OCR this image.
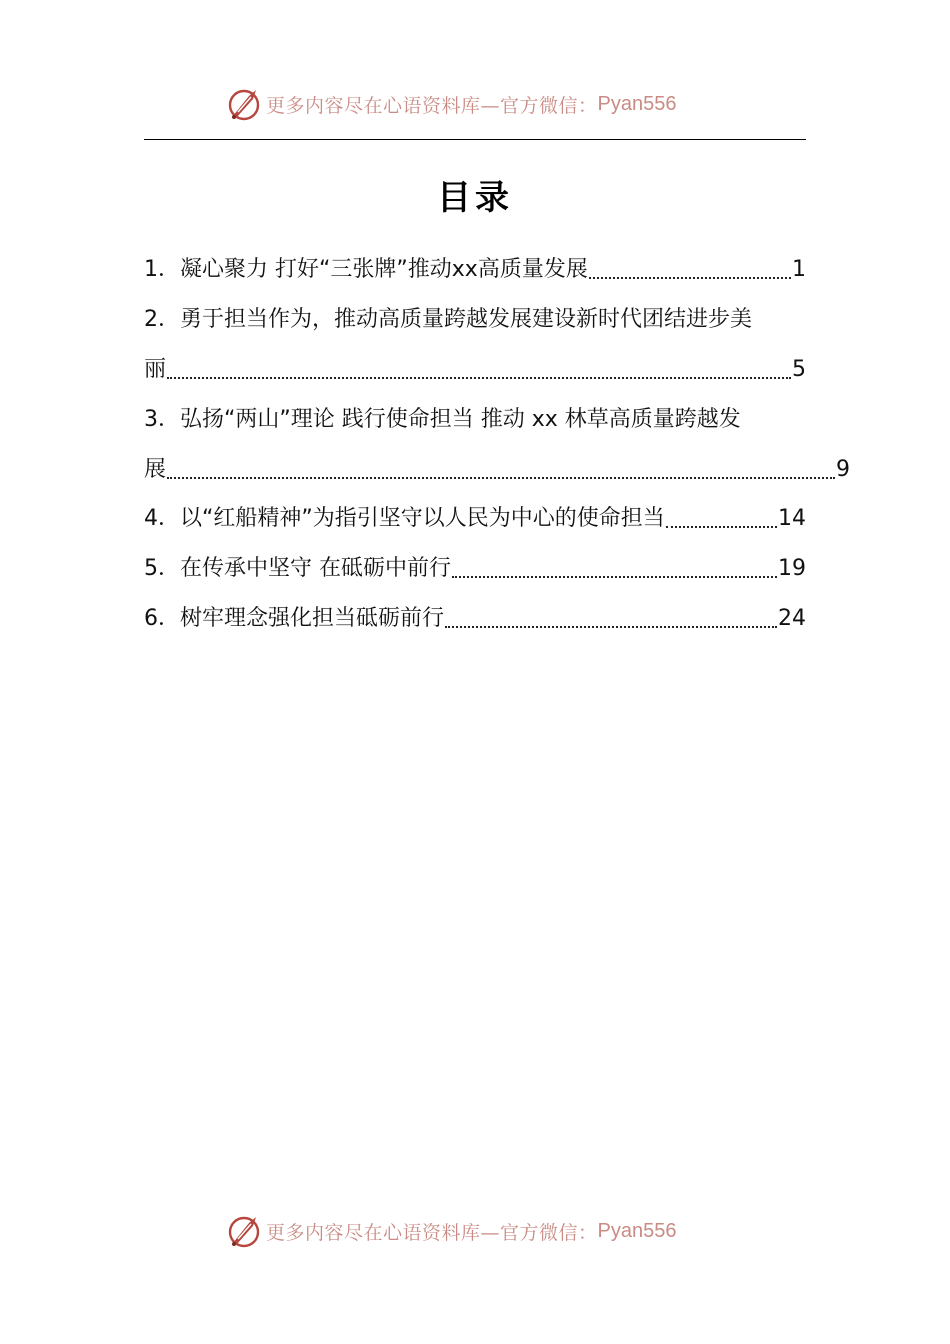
更多内容尽在心语资料库—官方微信： Pyan556
目录
1． 凝心聚力 打好“三张牌”推动xx高质量发展	1
2． 勇于担当作为，推动高质量跨越发展建设新时代团结进步美
丽	5
3． 弘扬“两山”理论 践行使命担当 推动 xx 林草高质量跨越发
展	9
4． 以“红船精神”为指引坚守以人民为中心的使命担当	14
5． 在传承中坚守 在砥砺中前行	19
6． 树牢理念强化担当砥砺前行	24
更多内容尽在心语资料库—官方微信： Pyan556
